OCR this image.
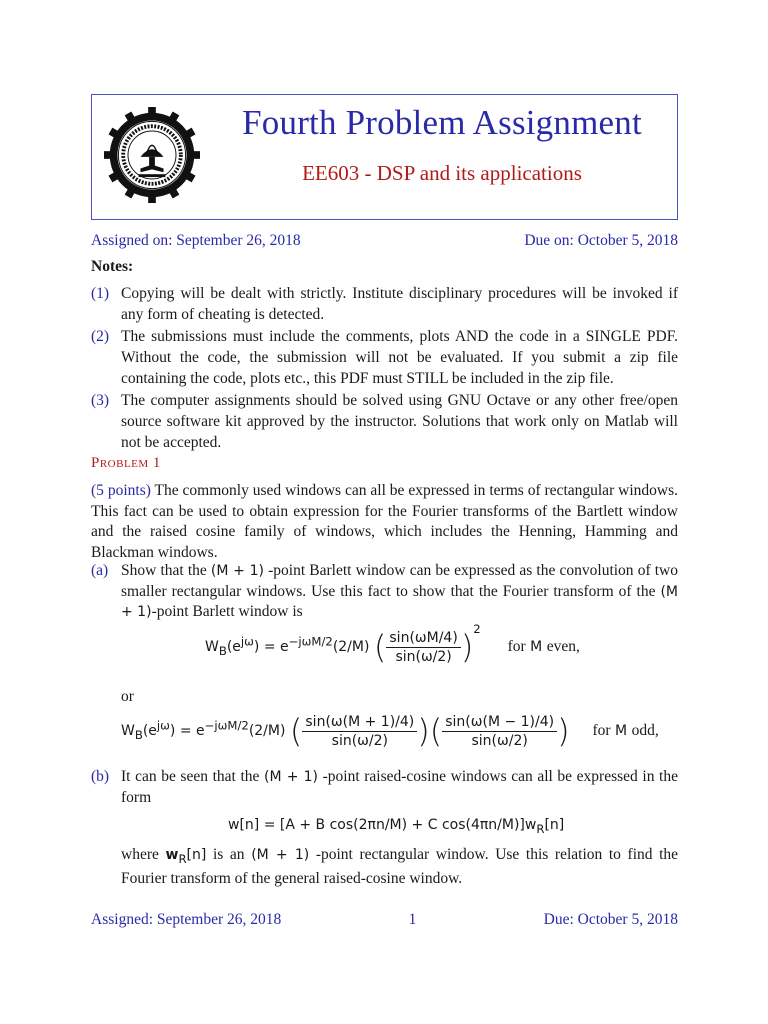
Fourth Problem Assignment
EE603 - DSP and its applications
Assigned on: September 26, 2018	Due on: October 5, 2018
Notes:
(1) Copying will be dealt with strictly. Institute disciplinary procedures will be invoked if any form of cheating is detected.
(2) The submissions must include the comments, plots AND the code in a SINGLE PDF. Without the code, the submission will not be evaluated. If you submit a zip file containing the code, plots etc., this PDF must STILL be included in the zip file.
(3) The computer assignments should be solved using GNU Octave or any other free/open source software kit approved by the instructor. Solutions that work only on Matlab will not be accepted.
Problem 1
(5 points) The commonly used windows can all be expressed in terms of rectangular windows. This fact can be used to obtain expression for the Fourier transforms of the Bartlett window and the raised cosine family of windows, which includes the Henning, Hamming and Blackman windows.
(a) Show that the (M + 1) -point Barlett window can be expressed as the convolution of two smaller rectangular windows. Use this fact to show that the Fourier transform of the (M + 1)-point Barlett window is
$W_B(e^{j\omega}) = e^{-j\omega M/2}(2/M)$ ( $\frac{\sin(\omega M/4)}{\sin(\omega/2)} )^2$  for M even,
or
$W_B(e^{j\omega}) = e^{-j\omega M/2}(2/M)$ ( $\frac{\sin(\omega(M + 1)/4)}{\sin(\omega/2)}$ )( $\frac{\sin(\omega(M - 1)/4)}{\sin(\omega/2)}$ ) for M odd,
(b) It can be seen that the (M + 1) -point raised-cosine windows can all be expressed in the form
w[n] = [A + B cos(2πn/M) + C $\cos(4\pi n/M)]w_R[n]$
where $w_R[n]$ is an (M + 1) -point rectangular window. Use this relation to find the Fourier transform of the general raised-cosine window.
Assigned: September 26, 2018	1	Due: October 5, 2018
